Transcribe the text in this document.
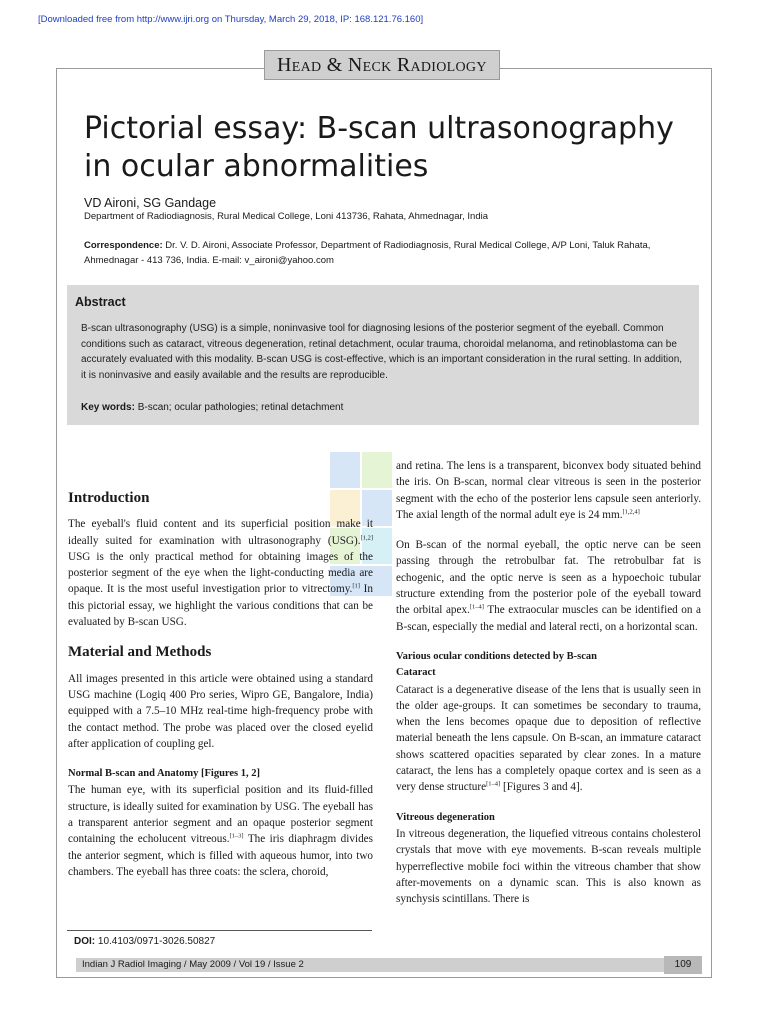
[Downloaded free from http://www.ijri.org on Thursday, March 29, 2018, IP: 168.121.76.160]
Head & Neck Radiology
Pictorial essay: B-scan ultrasonography in ocular abnormalities
VD Aironi, SG Gandage
Department of Radiodiagnosis, Rural Medical College, Loni 413736, Rahata, Ahmednagar, India
Correspondence: Dr. V. D. Aironi, Associate Professor, Department of Radiodiagnosis, Rural Medical College, A/P Loni, Taluk Rahata, Ahmednagar - 413 736, India. E-mail: v_aironi@yahoo.com
Abstract
B-scan ultrasonography (USG) is a simple, noninvasive tool for diagnosing lesions of the posterior segment of the eyeball. Common conditions such as cataract, vitreous degeneration, retinal detachment, ocular trauma, choroidal melanoma, and retinoblastoma can be accurately evaluated with this modality. B-scan USG is cost-effective, which is an important consideration in the rural setting. In addition, it is noninvasive and easily available and the results are reproducible.
Key words: B-scan; ocular pathologies; retinal detachment
Introduction

The eyeball's fluid content and its superficial position make it ideally suited for examination with ultrasonography (USG).[1,2] USG is the only practical method for obtaining images of the posterior segment of the eye when the light-conducting media are opaque. It is the most useful investigation prior to vitrectomy.[1] In this pictorial essay, we highlight the various conditions that can be evaluated by B-scan USG.

Material and Methods

All images presented in this article were obtained using a standard USG machine (Logiq 400 Pro series, Wipro GE, Bangalore, India) equipped with a 7.5–10 MHz real-time high-frequency probe with the contact method. The probe was placed over the closed eyelid after application of coupling gel.

Normal B-scan and Anatomy [Figures 1, 2]

The human eye, with its superficial position and its fluid-filled structure, is ideally suited for examination by USG. The eyeball has a transparent anterior segment and an opaque posterior segment containing the echolucent vitreous.[1–3] The iris diaphragm divides the anterior segment, which is filled with aqueous humor, into two chambers. The eyeball has three coats: the sclera, choroid,

and retina. The lens is a transparent, biconvex body situated behind the iris. On B-scan, normal clear vitreous is seen in the posterior segment with the echo of the posterior lens capsule seen anteriorly. The axial length of the normal adult eye is 24 mm.[1,2,4]

On B-scan of the normal eyeball, the optic nerve can be seen passing through the retrobulbar fat. The retrobulbar fat is echogenic, and the optic nerve is seen as a hypoechoic tubular structure extending from the posterior pole of the eyeball toward the orbital apex.[1–4] The extraocular muscles can be identified on a B-scan, especially the medial and lateral recti, on a horizontal scan.

Various ocular conditions detected by B-scan
Cataract

Cataract is a degenerative disease of the lens that is usually seen in the older age-groups. It can sometimes be secondary to trauma, when the lens becomes opaque due to deposition of reflective material beneath the lens capsule. On B-scan, an immature cataract shows scattered opacities separated by clear zones. In a mature cataract, the lens has a completely opaque cortex and is seen as a very dense structure[1–4] [Figures 3 and 4].

Vitreous degeneration

In vitreous degeneration, the liquefied vitreous contains cholesterol crystals that move with eye movements. B-scan reveals multiple hyperreflective mobile foci within the vitreous chamber that show after-movements on a dynamic scan. This is also known as synchysis scintillans. There is

DOI: 10.4103/0971-3026.50827
Indian J Radiol Imaging / May 2009 / Vol 19 / Issue 2	109
